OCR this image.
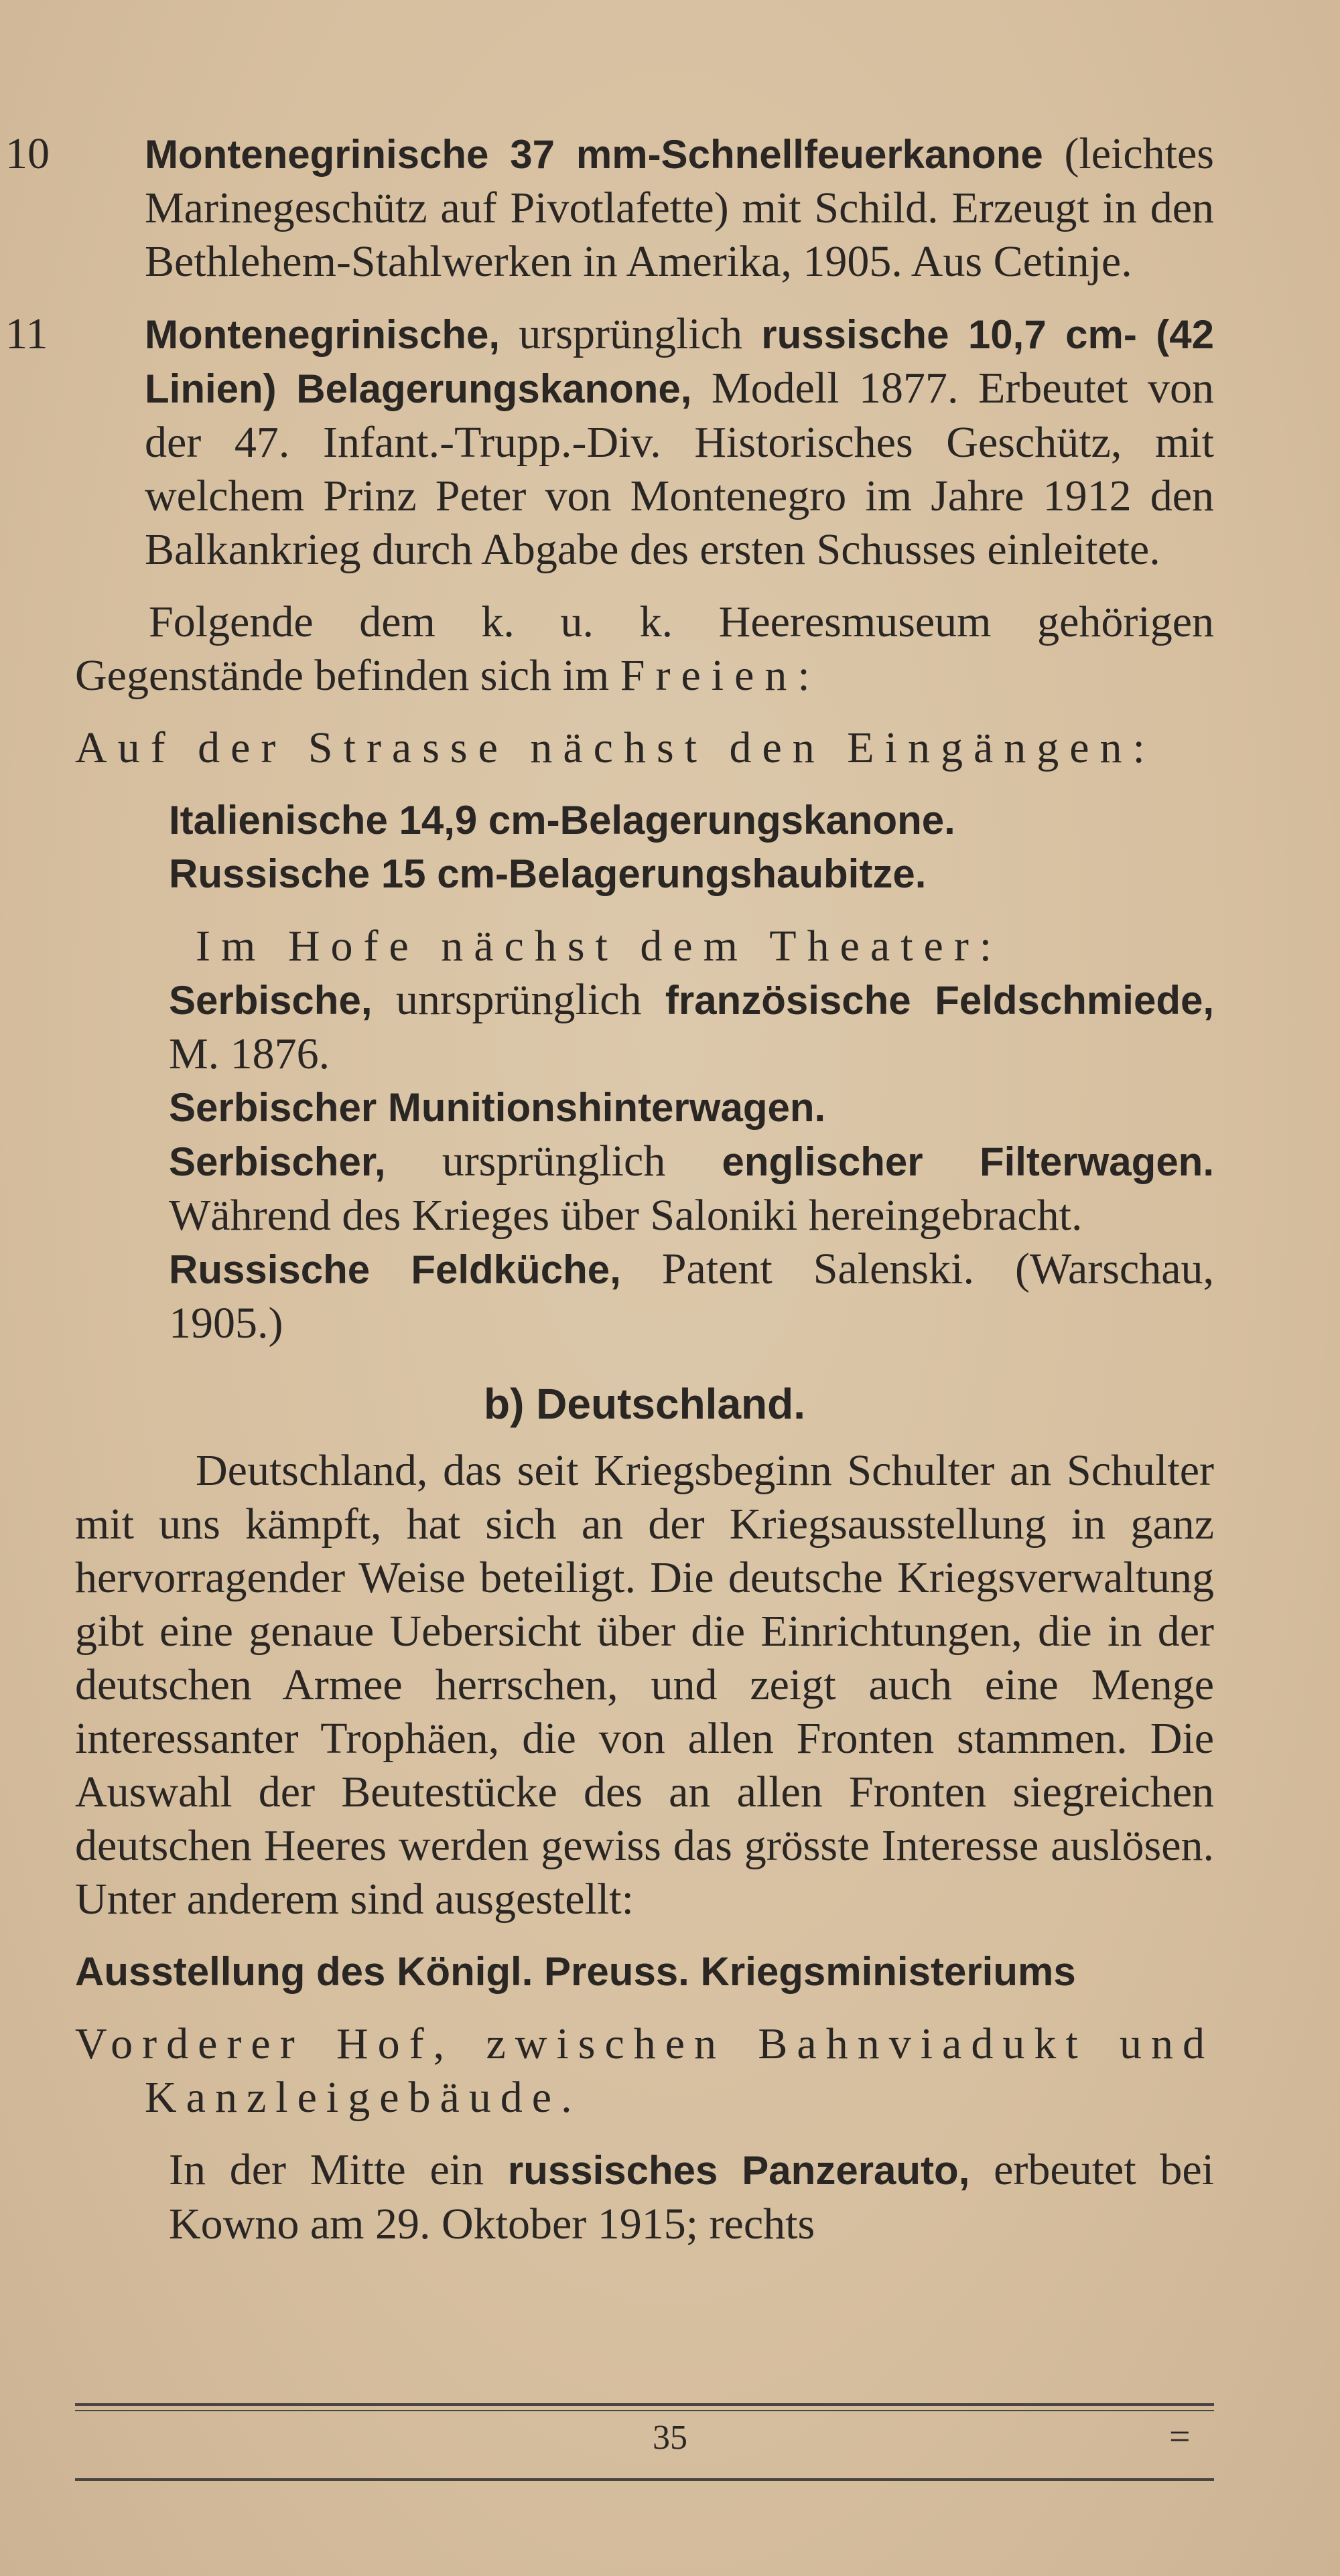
10 Montenegrinische 37 mm-Schnellfeuerkanone (leichtes Marinegeschütz auf Pivotlafette) mit Schild. Erzeugt in den Bethlehem-Stahlwerken in Amerika, 1905. Aus Cetinje.

11 Montenegrinische, ursprünglich russische 10,7 cm- (42 Linien) Belagerungskanone, Modell 1877. Erbeutet von der 47. Infant.-Trupp.-Div. Historisches Geschütz, mit welchem Prinz Peter von Montenegro im Jahre 1912 den Balkankrieg durch Abgabe des ersten Schusses einleitete.

Folgende dem k. u. k. Heeresmuseum gehörigen Gegenstände befinden sich im Freien:

Auf der Strasse nächst den Eingängen:

Italienische 14,9 cm-Belagerungskanone.

Russische 15 cm-Belagerungshaubitze.

Im Hofe nächst dem Theater:

Serbische, unrsprünglich französische Feldschmiede, M. 1876.

Serbischer Munitionshinterwagen.

Serbischer, ursprünglich englischer Filterwagen. Während des Krieges über Saloniki hereingebracht.

Russische Feldküche, Patent Salenski. (Warschau, 1905.)

b) Deutschland.

Deutschland, das seit Kriegsbeginn Schulter an Schulter mit uns kämpft, hat sich an der Kriegsausstellung in ganz hervorragender Weise beteiligt. Die deutsche Kriegsverwaltung gibt eine genaue Uebersicht über die Einrichtungen, die in der deutschen Armee herrschen, und zeigt auch eine Menge interessanter Trophäen, die von allen Fronten stammen. Die Auswahl der Beutestücke des an allen Fronten siegreichen deutschen Heeres werden gewiss das grösste Interesse auslösen. Unter anderem sind ausgestellt:

Ausstellung des Königl. Preuss. Kriegsministeriums

Vorderer Hof, zwischen Bahnviadukt und Kanzleigebäude.

In der Mitte ein russisches Panzerauto, erbeutet bei Kowno am 29. Oktober 1915; rechts

35	=
